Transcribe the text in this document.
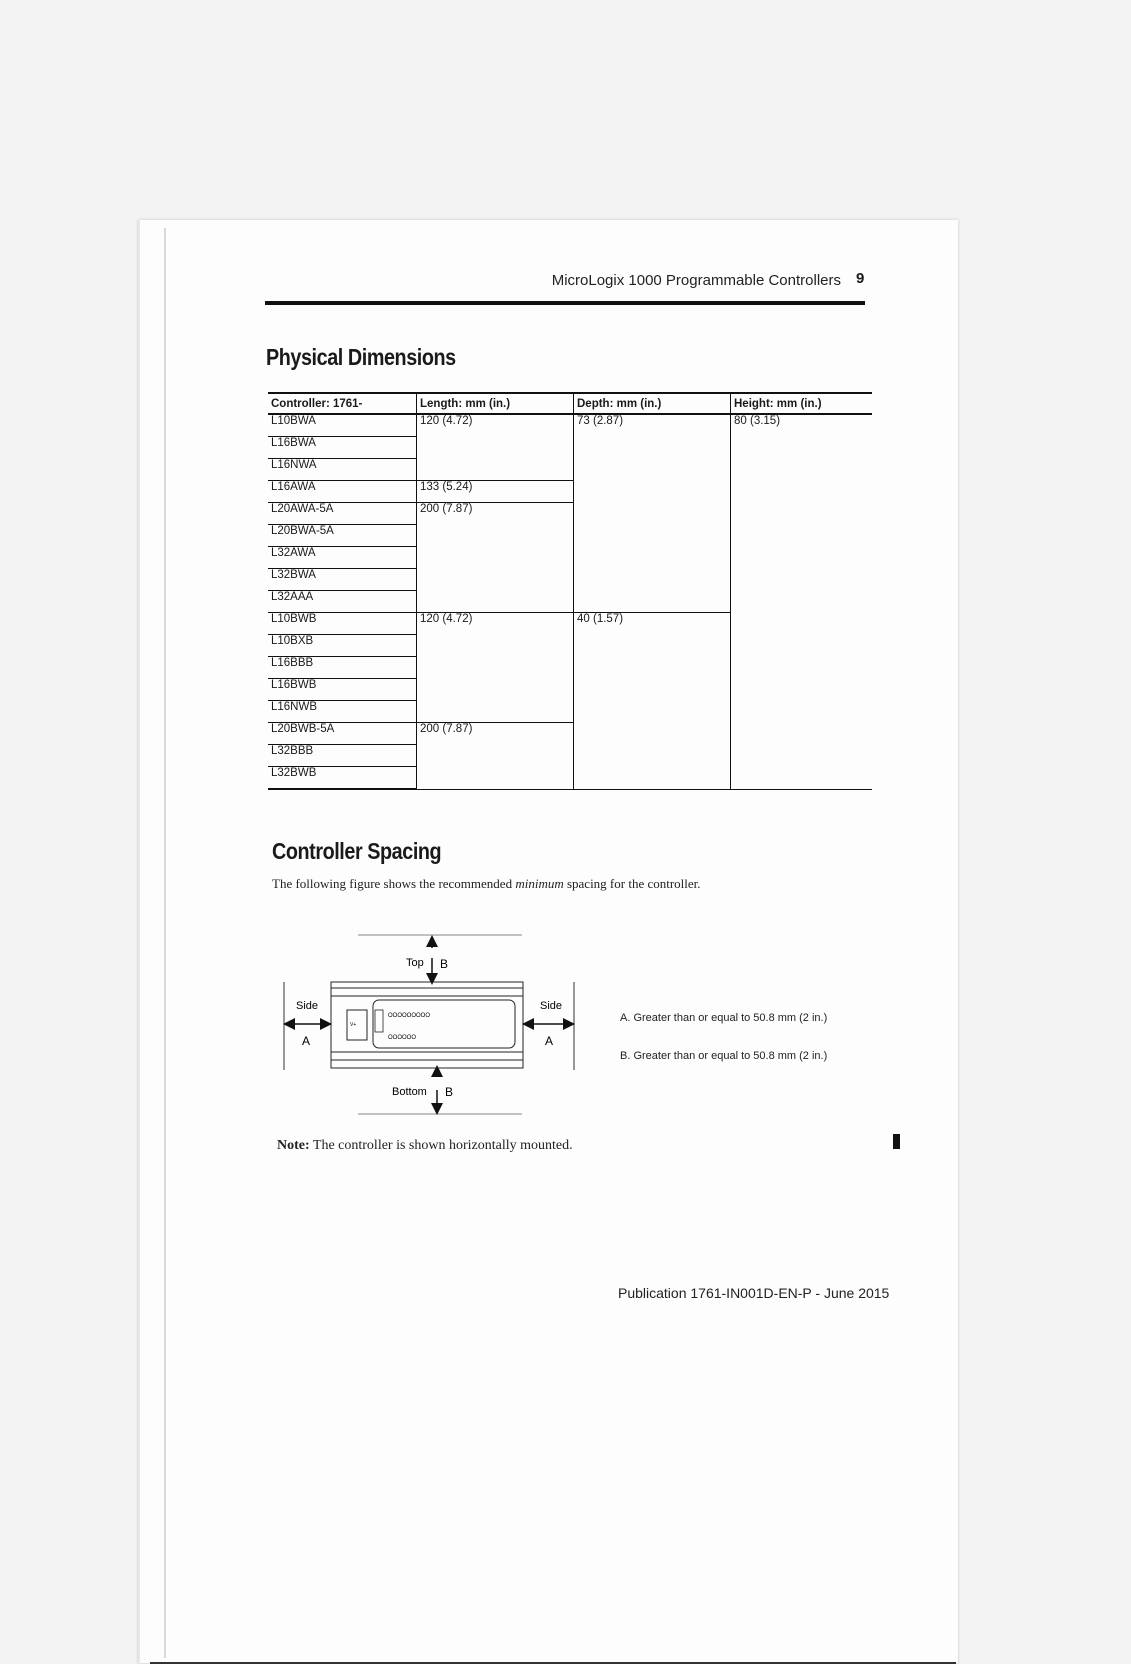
MicroLogix 1000 Programmable Controllers 9
Physical Dimensions
Controller: 1761-	Length: mm (in.)	Depth: mm (in.)	Height: mm (in.)
L10BWA	120 (4.72)	73 (2.87)	80 (3.15)
L16BWA			
L16NWA			
L16AWA	133 (5.24)		
L20AWA-5A	200 (7.87)		
L20BWA-5A			
L32AWA			
L32BWA			
L32AAA			
L10BWB	120 (4.72)	40 (1.57)	
L10BXB			
L16BBB			
L16BWB			
L16NWB			
L20BWB-5A	200 (7.87)		
L32BBB			
L32BWB			
Controller Spacing
The following figure shows the recommended minimum spacing for the controller.
Top B
Bottom B
V+
OOOOOOOOO
OOOOOO
Side
A
Side
A
A. Greater than or equal to 50.8 mm (2 in.)
B. Greater than or equal to 50.8 mm (2 in.)
Note: The controller is shown horizontally mounted.
Publication 1761-IN001D-EN-P - June 2015
